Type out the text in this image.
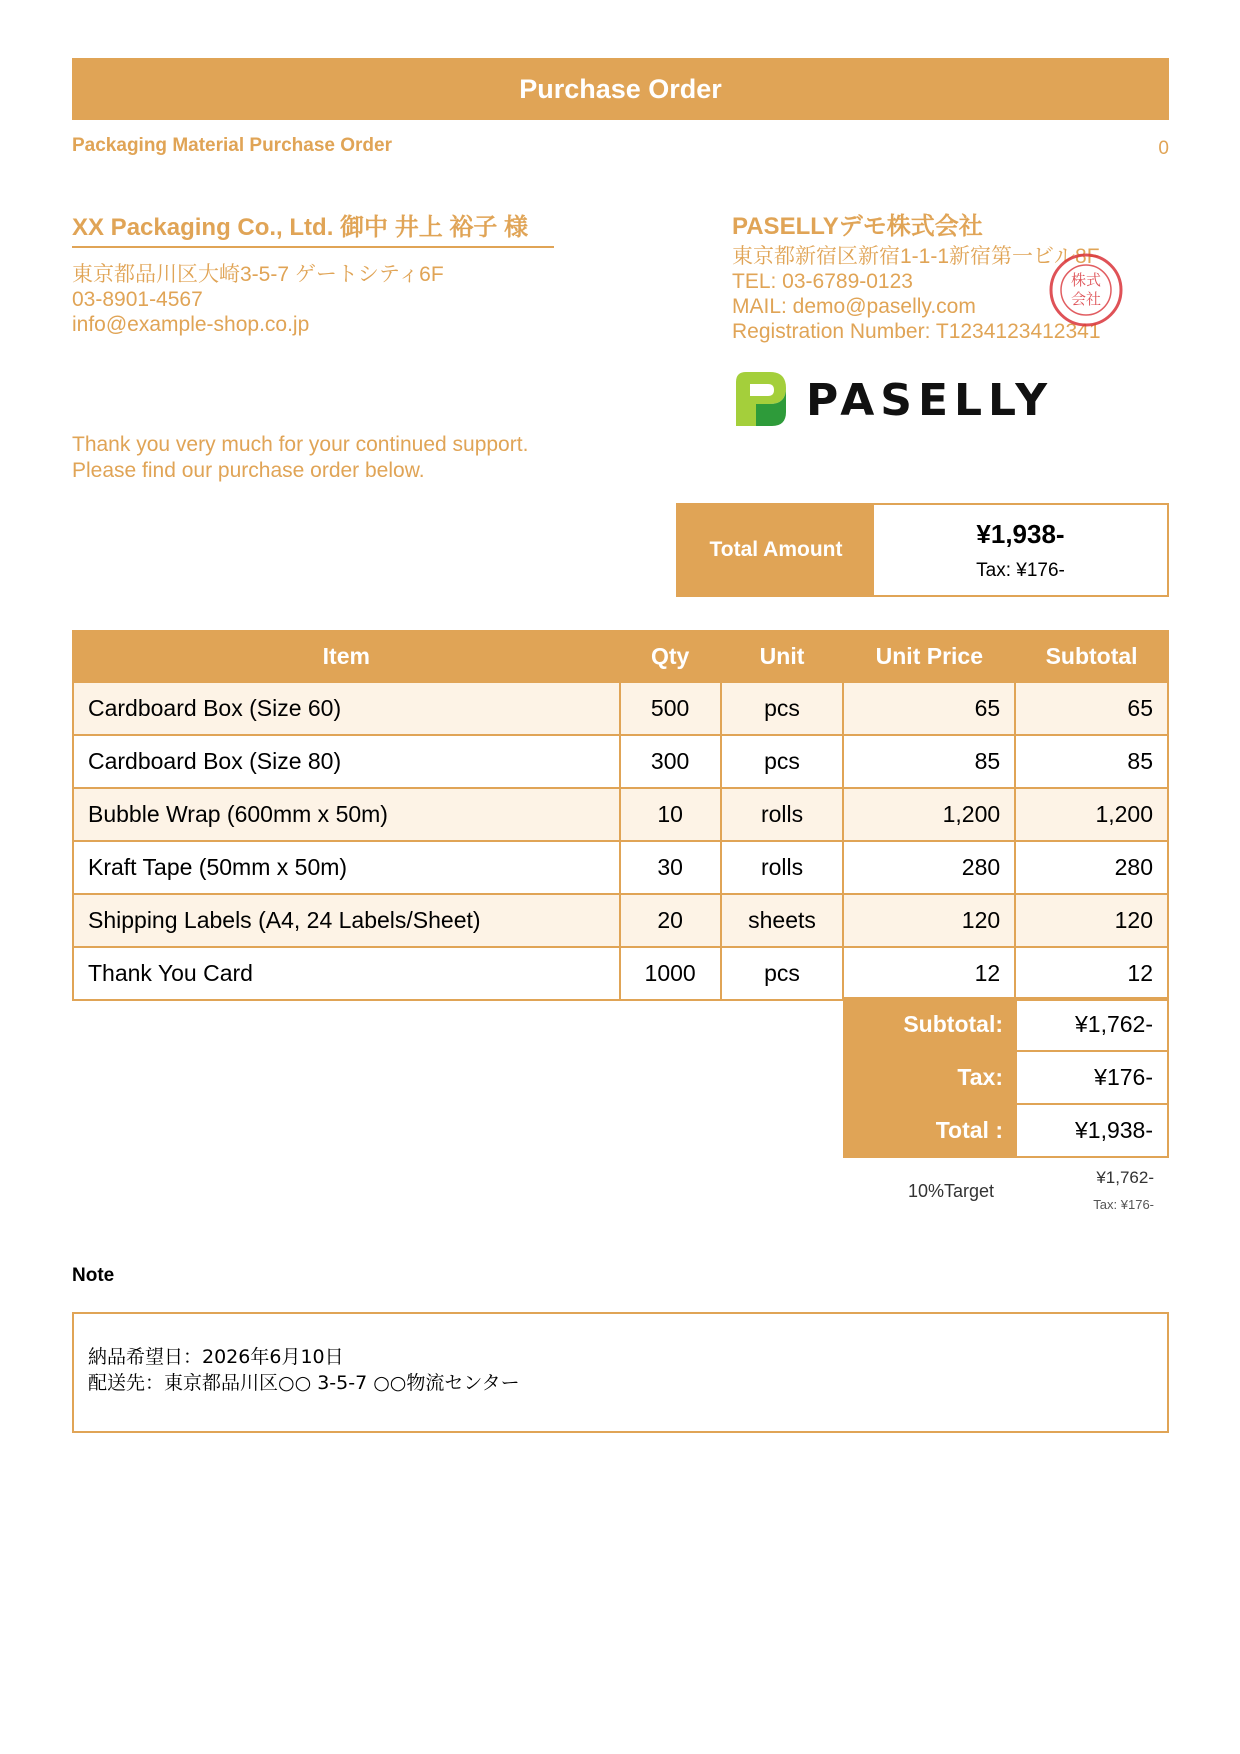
Purchase Order
Packaging Material Purchase Order	0
XX Packaging Co., Ltd. 御中 井上 裕子 様
東京都品川区大崎3-5-7 ゲートシティ6F
03-8901-4567
info@example-shop.co.jp
Thank you very much for your continued support.
Please find our purchase order below.
PASELLYデモ株式会社
東京都新宿区新宿1-1-1新宿第一ビル8F
TEL: 03-6789-0123
MAIL: demo@paselly.com
Registration Number: T1234123412341
株式
会社
PASELLY
Total Amount
¥1,938-
Tax: ¥176-
Item	Qty	Unit	Unit Price	Subtotal
Cardboard Box (Size 60)	500	pcs	65	65
Cardboard Box (Size 80)	300	pcs	85	85
Bubble Wrap (600mm x 50m)	10	rolls	1,200	1,200
Kraft Tape (50mm x 50m)	30	rolls	280	280
Shipping Labels (A4, 24 Labels/Sheet)	20	sheets	120	120
Thank You Card	1000	pcs	12	12
Subtotal:	¥1,762-
Tax:	¥176-
Total :	¥1,938-
10%Target
¥1,762-
Tax: ¥176-
Note
納品希望日：2026年6月10日
配送先：東京都品川区○○ 3-5-7 ○○物流センター
